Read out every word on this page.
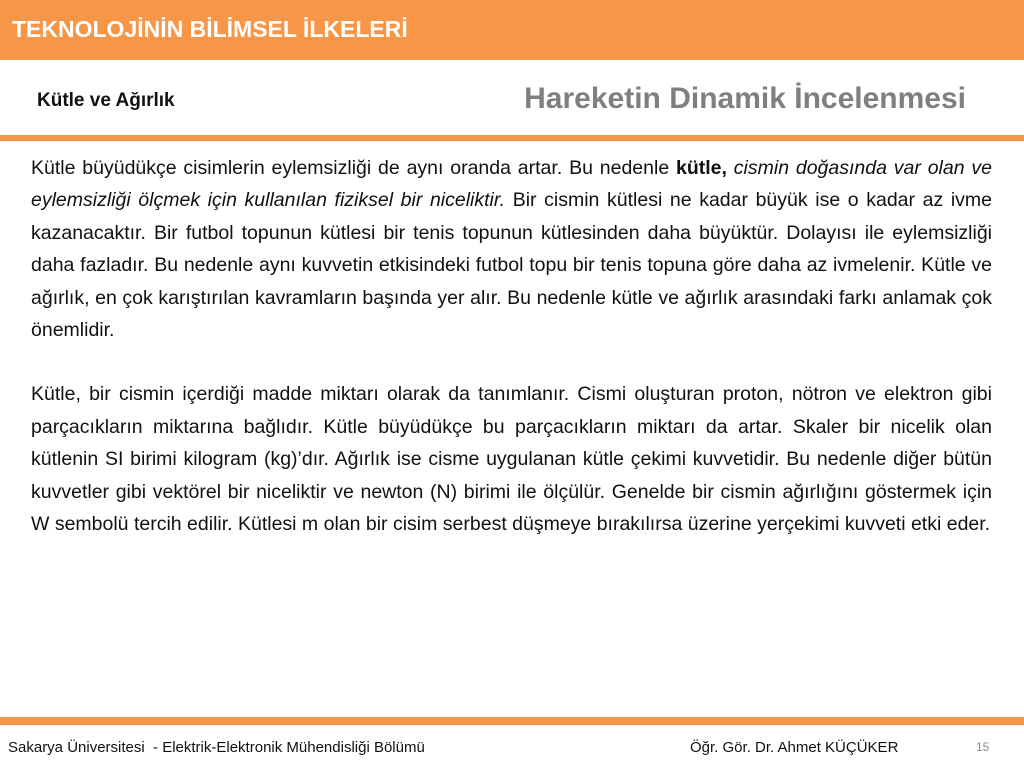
TEKNOLOJİNİN BİLİMSEL İLKELERİ
Kütle ve Ağırlık	Hareketin Dinamik İncelenmesi

Kütle büyüdükçe cisimlerin eylemsizliği de aynı oranda artar. Bu nedenle kütle, cismin doğasında var olan ve eylemsizliği ölçmek için kullanılan fiziksel bir niceliktir. Bir cismin kütlesi ne kadar büyük ise o kadar az ivme kazanacaktır. Bir futbol topunun kütlesi bir tenis topunun kütlesinden daha büyüktür. Dolayısı ile eylemsizliği daha fazladır. Bu nedenle aynı kuvvetin etkisindeki futbol topu bir tenis topuna göre daha az ivmelenir. Kütle ve ağırlık, en çok karıştırılan kavramların başında yer alır. Bu nedenle kütle ve ağırlık arasındaki farkı anlamak çok önemlidir.

Kütle, bir cismin içerdiği madde miktarı olarak da tanımlanır. Cismi oluşturan proton, nötron ve elektron gibi parçacıkların miktarına bağlıdır. Kütle büyüdükçe bu parçacıkların miktarı da artar. Skaler bir nicelik olan kütlenin SI birimi kilogram (kg)’dır. Ağırlık ise cisme uygulanan kütle çekimi kuvvetidir. Bu nedenle diğer bütün kuvvetler gibi vektörel bir niceliktir ve newton (N) birimi ile ölçülür. Genelde bir cismin ağırlığını göstermek için W sembolü tercih edilir. Kütlesi m olan bir cisim serbest düşmeye bırakılırsa üzerine yerçekimi kuvveti etki eder.

Sakarya Üniversitesi  - Elektrik-Elektronik Mühendisliği Bölümü	Öğr. Gör. Dr. Ahmet KÜÇÜKER	15
